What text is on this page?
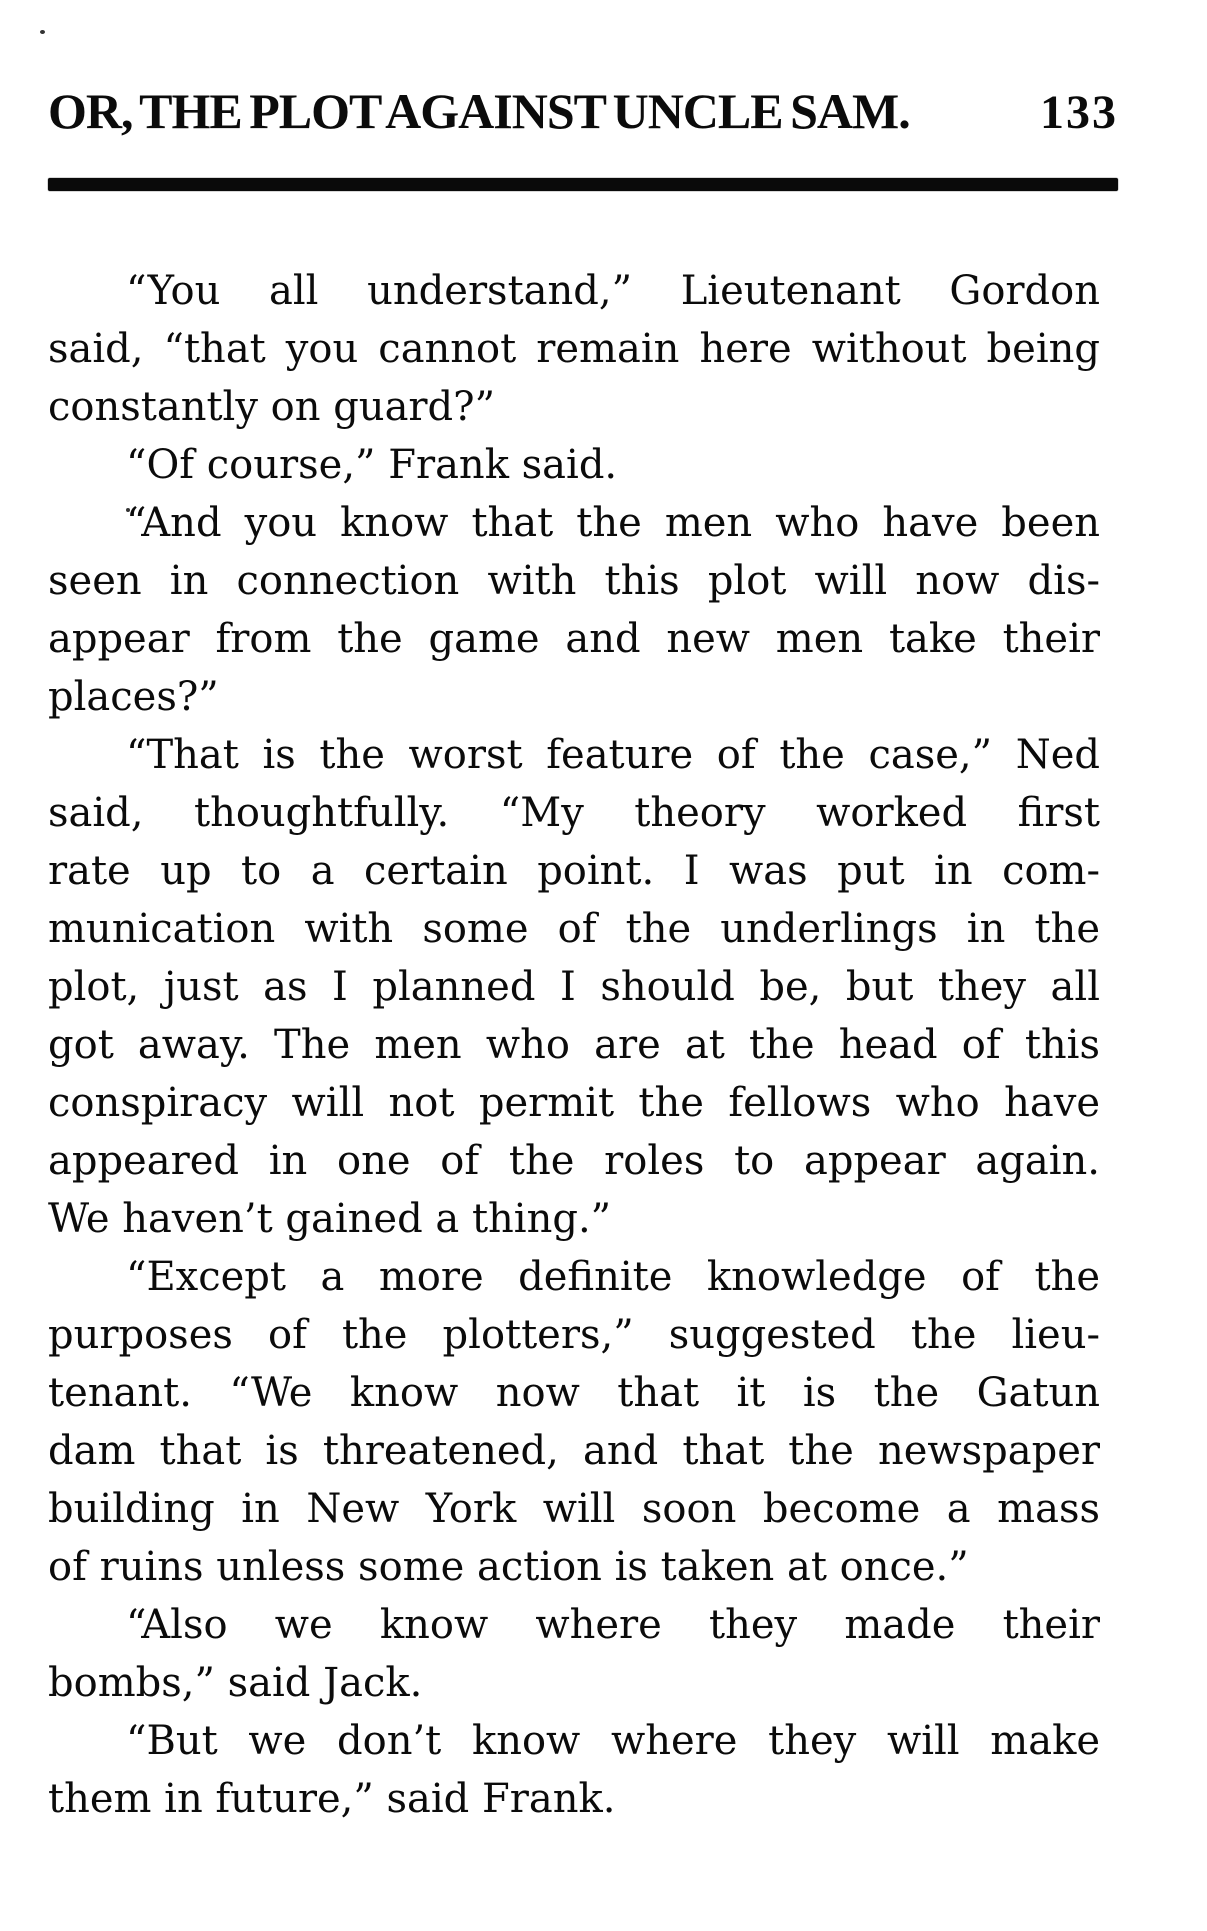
OR, THE PLOT AGAINST UNCLE SAM.	133
“You all understand,” Lieutenant Gordon
said, “that you cannot remain here without being
constantly on guard?”
“Of course,” Frank said.
“And you know that the men who have been
seen in connection with this plot will now dis-
appear from the game and new men take their
places?”
“That is the worst feature of the case,” Ned
said, thoughtfully. “My theory worked first
rate up to a certain point. I was put in com-
munication with some of the underlings in the
plot, just as I planned I should be, but they all
got away. The men who are at the head of this
conspiracy will not permit the fellows who have
appeared in one of the roles to appear again.
We haven’t gained a thing.”
“Except a more definite knowledge of the
purposes of the plotters,” suggested the lieu-
tenant. “We know now that it is the Gatun
dam that is threatened, and that the newspaper
building in New York will soon become a mass
of ruins unless some action is taken at once.”
“Also we know where they made their
bombs,” said Jack.
“But we don’t know where they will make
them in future,” said Frank.
